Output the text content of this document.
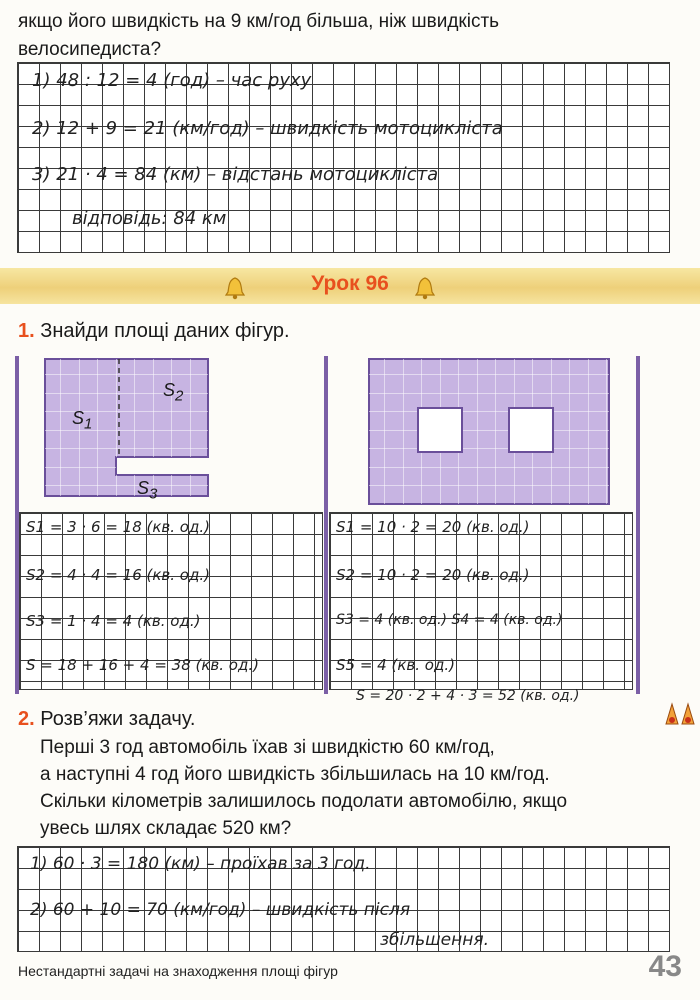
якщо його швидкість на 9 км/год більша, ніж швидкість
велосипедиста?
1) 48 : 12 = 4 (год) – час руху
2) 12 + 9 = 21 (км/год) – швидкість мотоцикліста
3) 21 · 4 = 84 (км) – відстань мотоцикліста
відповідь: 84 км
Урок 96
1. Знайди площі даних фігур.
$S_2$
$S_1$
$S_3$
S1 = 3 · 6 = 18 (кв. од.)
S2 = 4 · 4 = 16 (кв. од.)
S3 = 1 · 4 = 4 (кв. од.)
S = 18 + 16 + 4 = 38 (кв. од.)
S1 = 10 · 2 = 20 (кв. од.)
S2 = 10 · 2 = 20 (кв. од.)
S3 = 4 (кв. од.) S4 = 4 (кв. од.)
S5 = 4 (кв. од.)
S = 20 · 2 + 4 · 3 = 52 (кв. од.)
2. Розв’яжи задачу.
Перші 3 год автомобіль їхав зі швидкістю 60 км/год,
а наступні 4 год його швидкість збільшилась на 10 км/год.
Скільки кілометрів залишилось подолати автомобілю, якщо
увесь шлях складає 520 км?
1) 60 · 3 = 180 (км) – проїхав за 3 год.
2) 60 + 10 = 70 (км/год) – швидкість після
збільшення.
Нестандартні задачі на знаходження площі фігур	43
